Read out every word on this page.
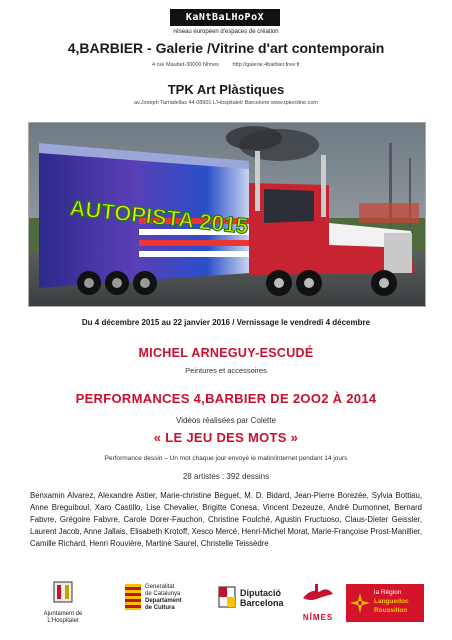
KaNtBaLHoPoX
réseau européen d'espaces de création
4,BARBIER - Galerie /Vitrine d'art contemporain
4 rue Maubet-30000 Nîmes http://galerie.4barbier.free.fr
TPK Art Plàstiques
av.Joseph Tarradellas 44 08901 L'Hospitalet/ Barcelone www.tpkonline.com
AUTOPISTA 2015
Du 4 décembre 2015 au 22 janvier 2016 / Vernissage le vendredi 4 décembre
MICHEL ARNEGUY-ESCUDÉ
Peintures et accessoires
PERFORMANCES 4,BARBIER DE 2OO2 À 2014
Vidéos réalisées par Colette
« LE JEU DES MOTS »
Performance dessin – Un mot chaque jour envoyé le matin/internet pendant 14 jours
28 artistes : 392 dessins
Benxamin Alvarez, Alexandre Astier, Marie-christine Beguet, M. D. Bidard, Jean-Pierre Borezée, Sylvia Bottiau, Anne Breguiboul, Xaro Castillo, Lise Chevalier, Brigitte Conesa, Vincent Dezeuze, André Dumonnet, Bernard Fabvre, Grégoire Fabvre, Carole Dorer-Fauchon, Christine Foulché, Agustin Fructuoso, Claus-Dieter Geissler, Laurent Jacob, Anne Jallais, Elisabeth Krotoff, Xesco Mercé, Henri-Michel Morat, Marie-Françoise Prost-Manillier, Camille Richard, Henri Rouvière, Martine Saurel, Christelle Teissèdre
Ajuntament de L'Hospitalet
Generalitat
de Catalunya
Departament
de Cultura
Diputació
Barcelona
NÎMES
la Région
Languedoc
Roussillon
